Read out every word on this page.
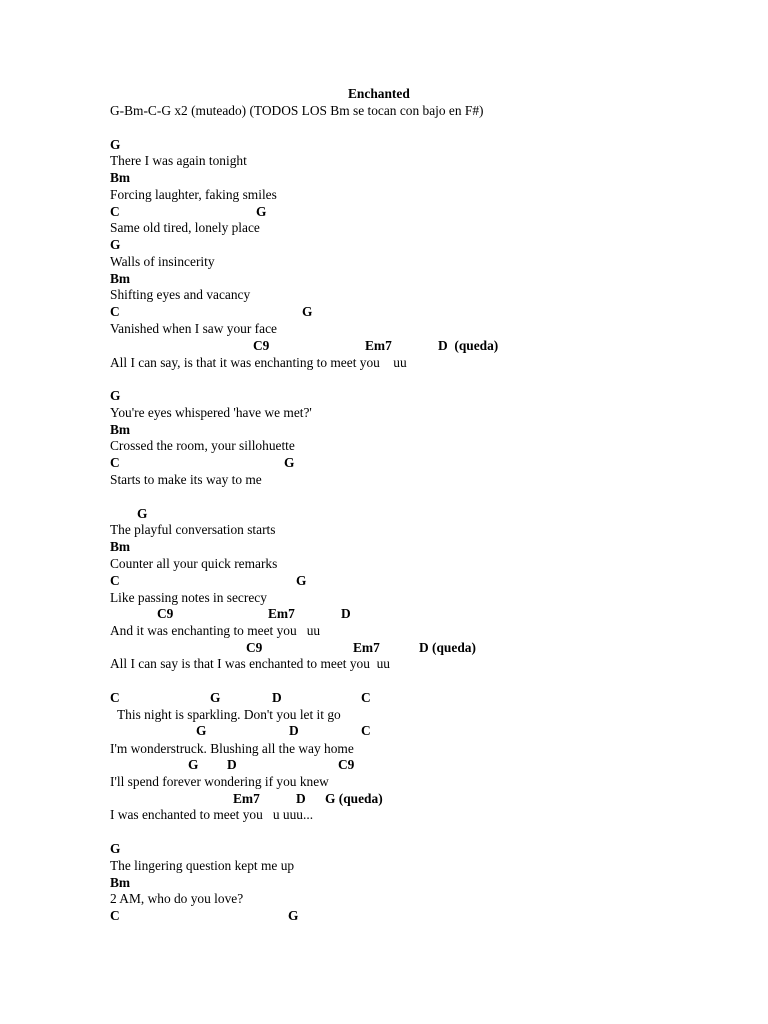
Enchanted
G-Bm-C-G x2 (muteado) (TODOS LOS Bm se tocan con bajo en F#)
G
There I was again tonight
Bm
Forcing laughter, faking smiles
C	G
Same old tired, lonely place
G
Walls of insincerity
Bm
Shifting eyes and vacancy
C	G
Vanished when I saw your face
C9	Em7	D  (queda)
All I can say, is that it was enchanting to meet you    uu
G
You're eyes whispered 'have we met?'
Bm
Crossed the room, your sillohuette
C	G
Starts to make its way to me
G
The playful conversation starts
Bm
Counter all your quick remarks
C	G
Like passing notes in secrecy
C9	Em7	D
And it was enchanting to meet you   uu
C9	Em7	D (queda)
All I can say is that I was enchanted to meet you  uu
C	G	D	C
This night is sparkling. Don't you let it go
G	D	C
I'm wonderstruck. Blushing all the way home
G D	C9
I'll spend forever wondering if you knew
Em7	D G (queda)
I was enchanted to meet you   u uuu...
G
The lingering question kept me up
Bm
2 AM, who do you love?
C	G
